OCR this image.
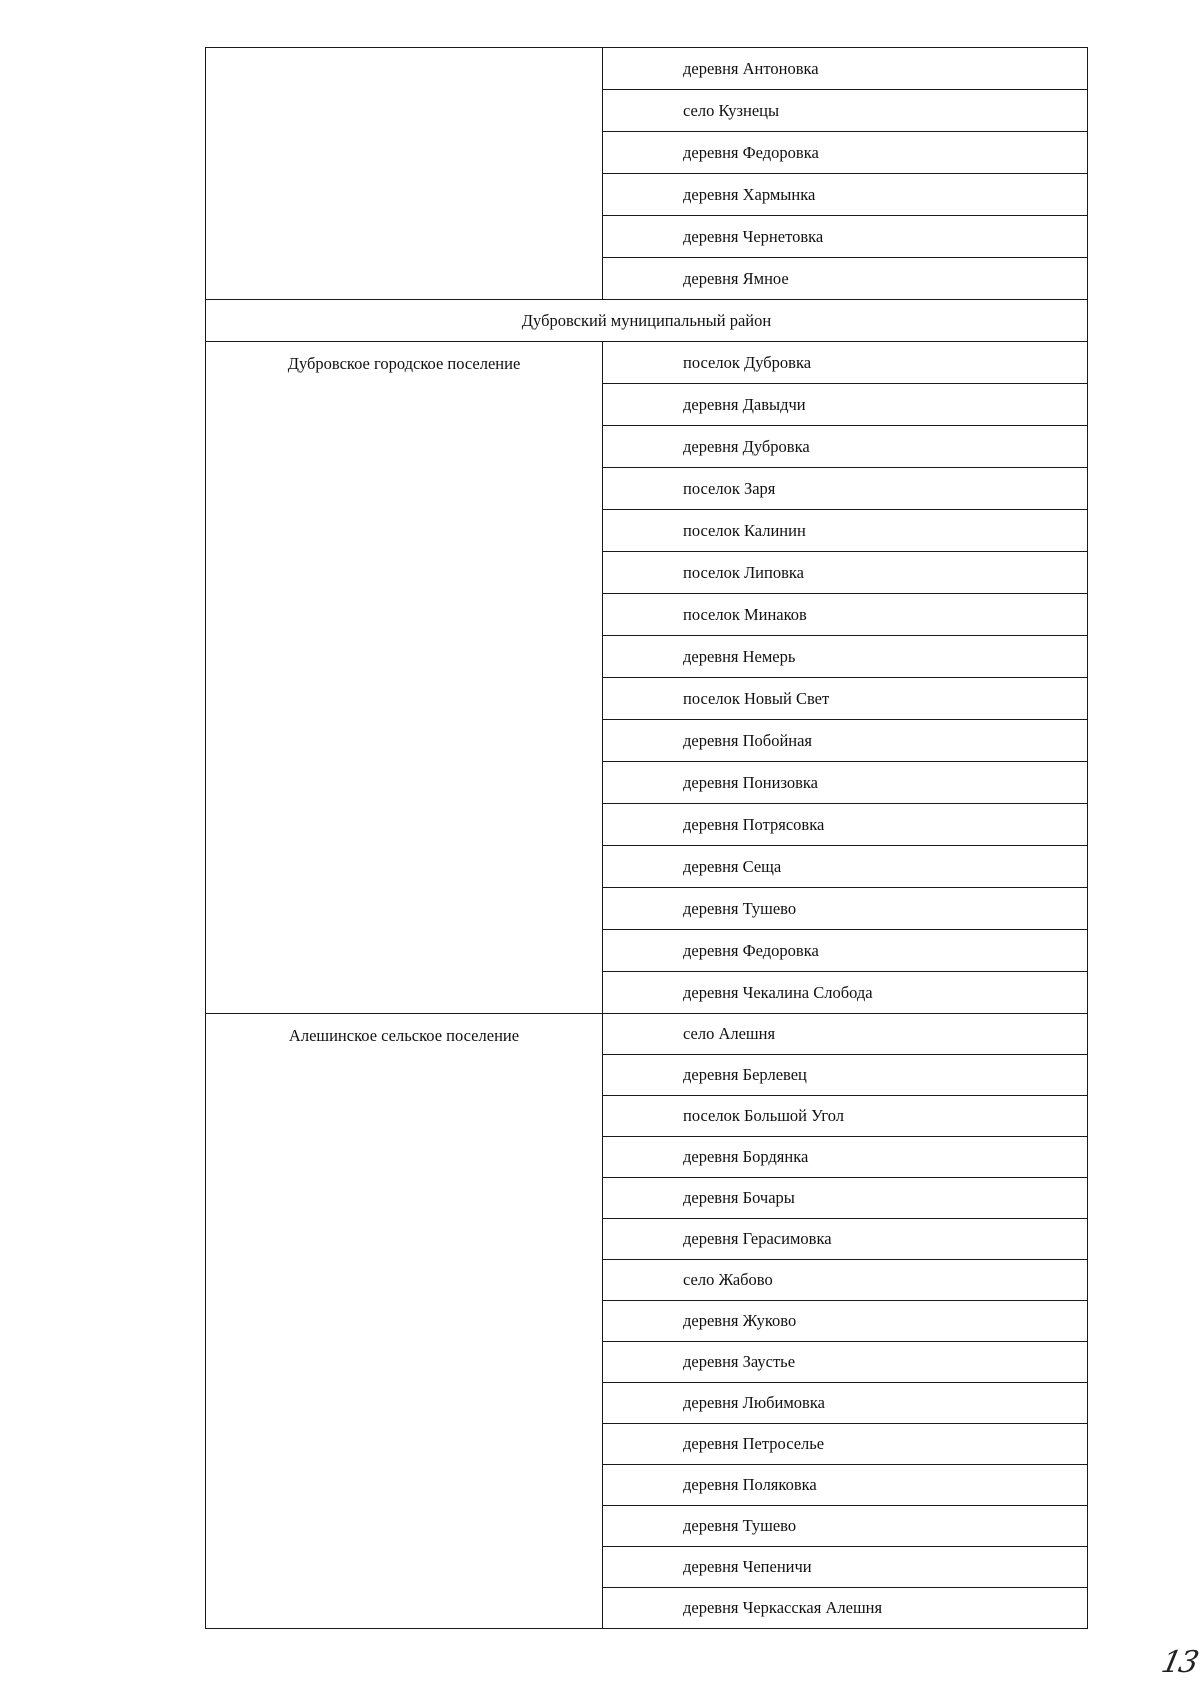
	деревня Антоновка
	село Кузнецы
	деревня Федоровка
	деревня Хармынка
	деревня Чернетовка
	деревня Ямное
Дубровский муниципальный район	
Дубровское городское поселение	поселок Дубровка
	деревня Давыдчи
	деревня Дубровка
	поселок Заря
	поселок Калинин
	поселок Липовка
	поселок Минаков
	деревня Немерь
	поселок Новый Свет
	деревня Побойная
	деревня Понизовка
	деревня Потрясовка
	деревня Сеща
	деревня Тушево
	деревня Федоровка
	деревня Чекалина Слобода
Алешинское сельское поселение	село Алешня
	деревня Берлевец
	поселок Большой Угол
	деревня Бордянка
	деревня Бочары
	деревня Герасимовка
	село Жабово
	деревня Жуково
	деревня Заустье
	деревня Любимовка
	деревня Петроселье
	деревня Поляковка
	деревня Тушево
	деревня Чепеничи
	деревня Черкасская Алешня
13
